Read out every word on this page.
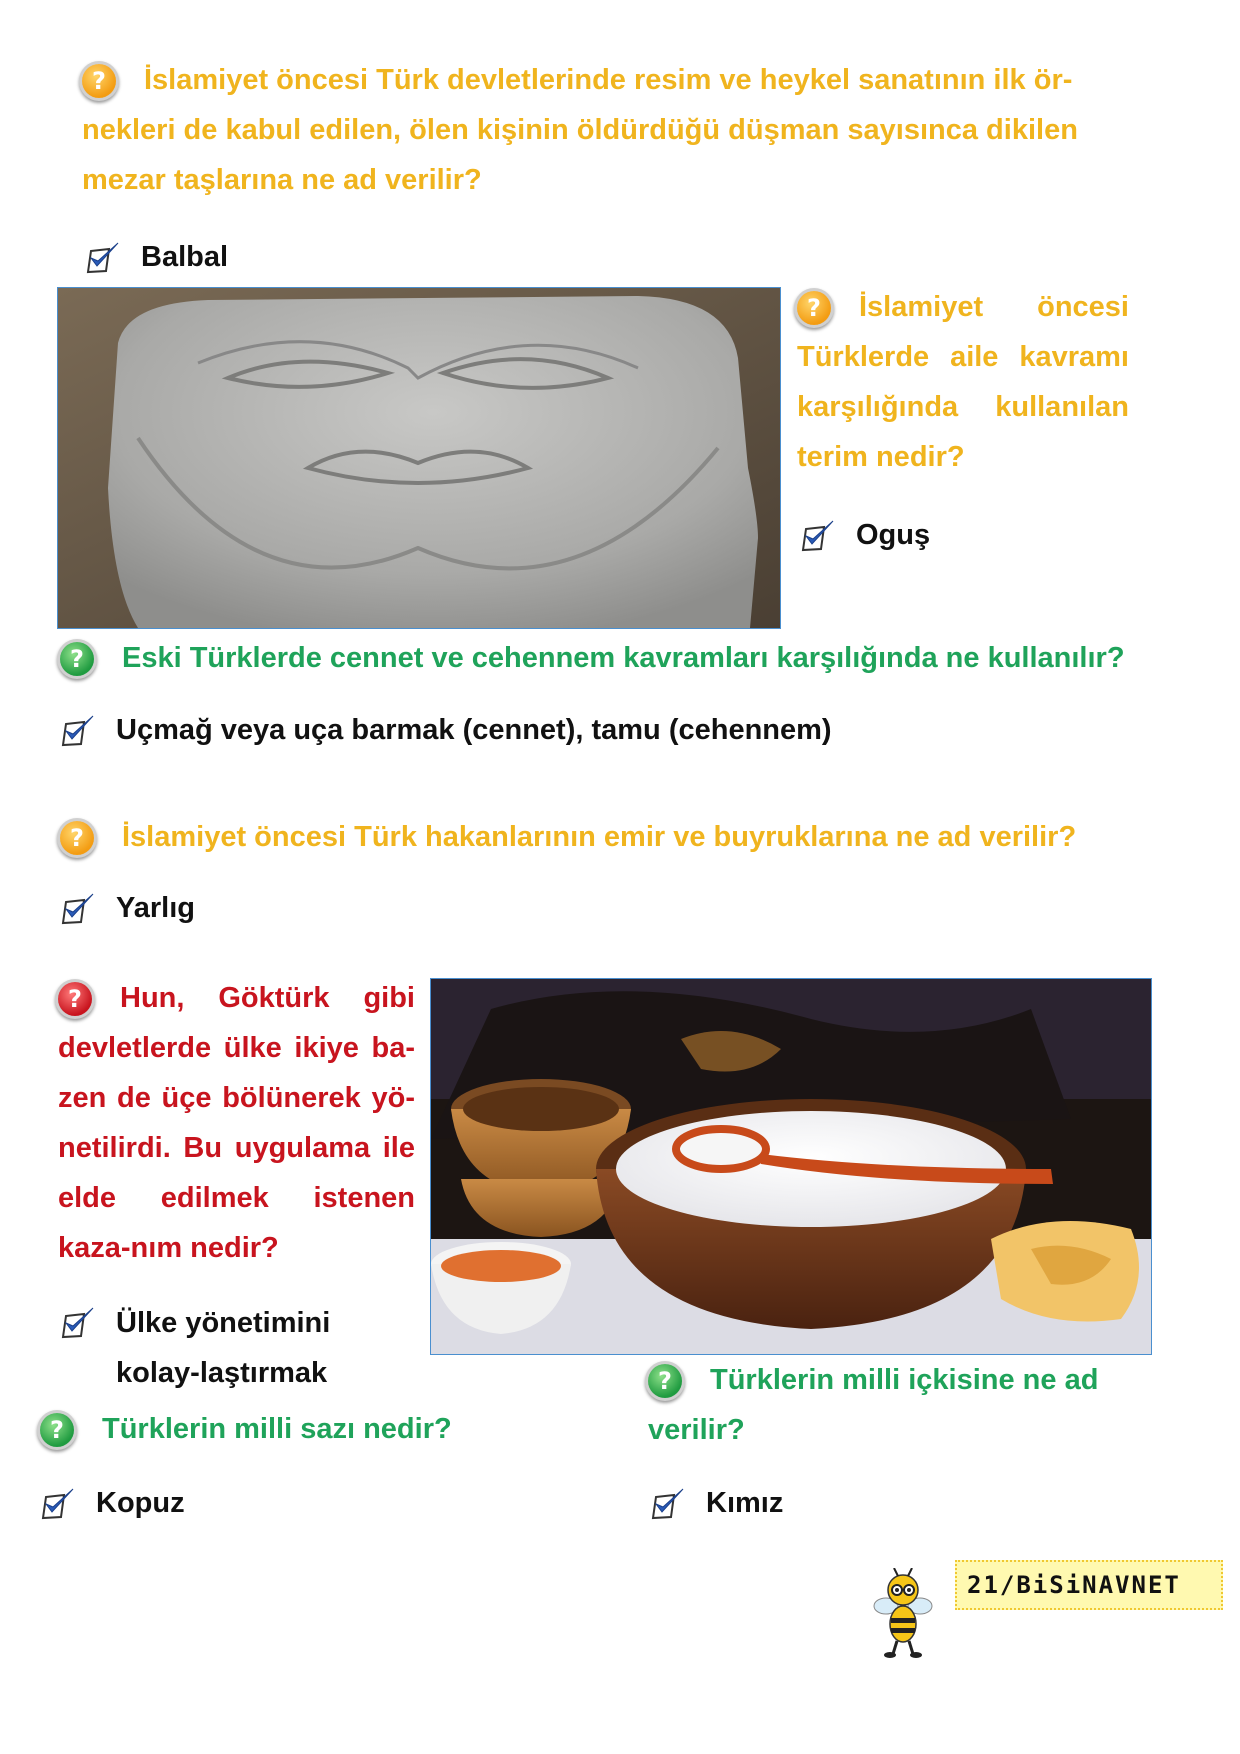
?	İslamiyet öncesi Türk devletlerinde resim ve heykel sanatının ilk ör-nekleri de kabul edilen, ölen kişinin öldürdüğü düşman sayısınca dikilen mezar taşlarına ne ad verilir?
Balbal
?	İslamiyet öncesi Türklerde aile kavramı karşılığında kullanılan terim nedir?
Oguş
?	Eski Türklerde cennet ve cehennem kavramları karşılığında ne kullanılır?
Uçmağ veya uça barmak (cennet), tamu (cehennem)
?	İslamiyet öncesi Türk hakanlarının emir ve buyruklarına ne ad verilir?
Yarlıg
?	Hun, Göktürk gibi devletlerde ülke ikiye ba-zen de üçe bölünerek yö-netilirdi. Bu uygulama ile elde edilmek istenen kaza-nım nedir?
Ülke yönetimini kolay-laştırmak	?	Türklerin milli içkisine ne ad verilir?
Kımız
?	Türklerin milli sazı nedir?
Kopuz
21/BiSiNAVNET
